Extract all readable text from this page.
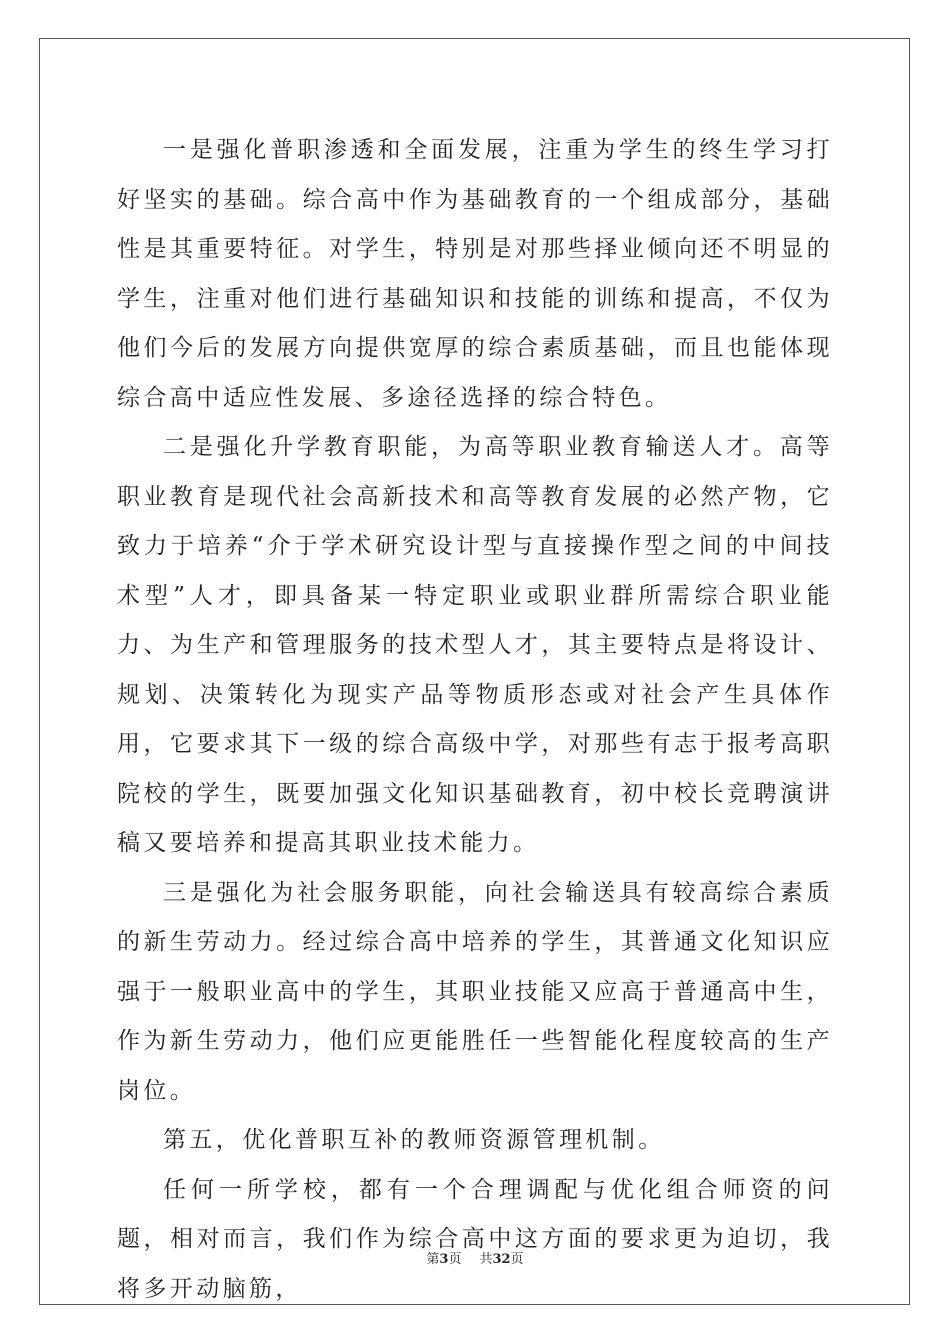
一是强化普职渗透和全面发展，注重为学生的终生学习打好坚实的基础。综合高中作为基础教育的一个组成部分，基础性是其重要特征。对学生，特别是对那些择业倾向还不明显的学生，注重对他们进行基础知识和技能的训练和提高，不仅为他们今后的发展方向提供宽厚的综合素质基础，而且也能体现综合高中适应性发展、多途径选择的综合特色。

二是强化升学教育职能，为高等职业教育输送人才。高等职业教育是现代社会高新技术和高等教育发展的必然产物，它致力于培养“介于学术研究设计型与直接操作型之间的中间技术型”人才，即具备某一特定职业或职业群所需综合职业能力、为生产和管理服务的技术型人才，其主要特点是将设计、规划、决策转化为现实产品等物质形态或对社会产生具体作用，它要求其下一级的综合高级中学，对那些有志于报考高职院校的学生，既要加强文化知识基础教育，初中校长竞聘演讲稿又要培养和提高其职业技术能力。

三是强化为社会服务职能，向社会输送具有较高综合素质的新生劳动力。经过综合高中培养的学生，其普通文化知识应强于一般职业高中的学生，其职业技能又应高于普通高中生，作为新生劳动力，他们应更能胜任一些智能化程度较高的生产岗位。

第五，优化普职互补的教师资源管理机制。

任何一所学校，都有一个合理调配与优化组合师资的问题，相对而言，我们作为综合高中这方面的要求更为迫切，我将多开动脑筋，

第3页 共32页
